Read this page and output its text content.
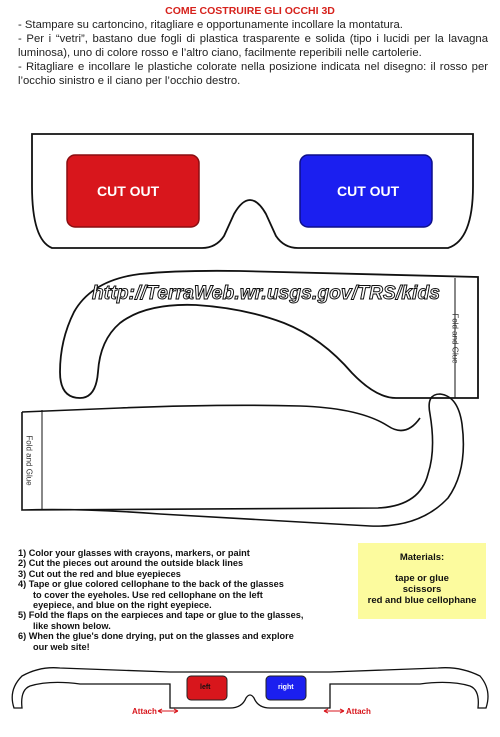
COME COSTRUIRE GLI OCCHI 3D

- Stampare su cartoncino, ritagliare e opportunamente incollare la montatura.

- Per i “vetri”, bastano due fogli di plastica trasparente e solida (tipo i lucidi per la lavagna luminosa), uno di colore rosso e l’altro ciano, facilmente reperibili nelle cartolerie.

- Ritagliare e incollare le plastiche colorate nella posizione indicata nel disegno: il rosso per l’occhio sinistro e il ciano per l’occhio destro.

CUT OUT	CUT OUT
http://TerraWeb.wr.usgs.gov/TRS/kids
Fold and Glue
Fold and Glue
1) Color your glasses with crayons, markers, or paint
2) Cut the pieces out around the outside black lines
3) Cut out the red and blue eyepieces
4) Tape or glue colored cellophane to the back of the glasses
to cover the eyeholes. Use red cellophane on the left
eyepiece, and blue on the right eyepiece.
5) Fold the flaps on the earpieces and tape or glue to the glasses,
like shown below.
6) When the glue's done drying, put on the glasses and explore
our web site!
Materials:
tape or glue
scissors
red and blue cellophane
left	right
Attach	Attach
